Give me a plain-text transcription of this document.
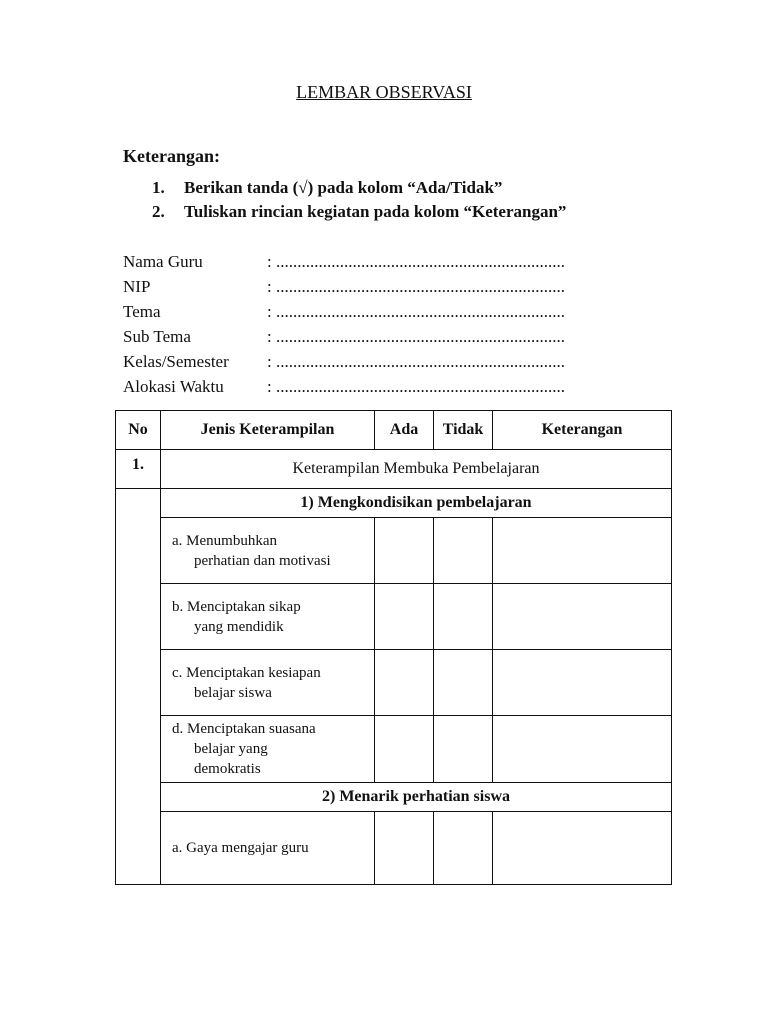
LEMBAR OBSERVASI
Keterangan:
1. Berikan tanda (√) pada kolom “Ada/Tidak”
2. Tuliskan rincian kegiatan pada kolom “Keterangan”
Nama Guru	: ....................................................................
NIP	: ....................................................................
Tema	: ....................................................................
Sub Tema	: ....................................................................
Kelas/Semester : ....................................................................
Alokasi Waktu	: ....................................................................
No	Jenis Keterampilan	Ada	Tidak	Keterangan
1.	Keterampilan Membuka Pembelajaran			
	1) Mengkondisikan pembelajaran			
	a. Menumbuhkan
perhatian dan motivasi			

	b. Menciptakan sikap
yang mendidik			

	c. Menciptakan kesiapan
belajar siswa			

	d. Menciptakan suasana
belajar yang
demokratis			

	2) Menarik perhatian siswa			
	a. Gaya mengajar guru			
